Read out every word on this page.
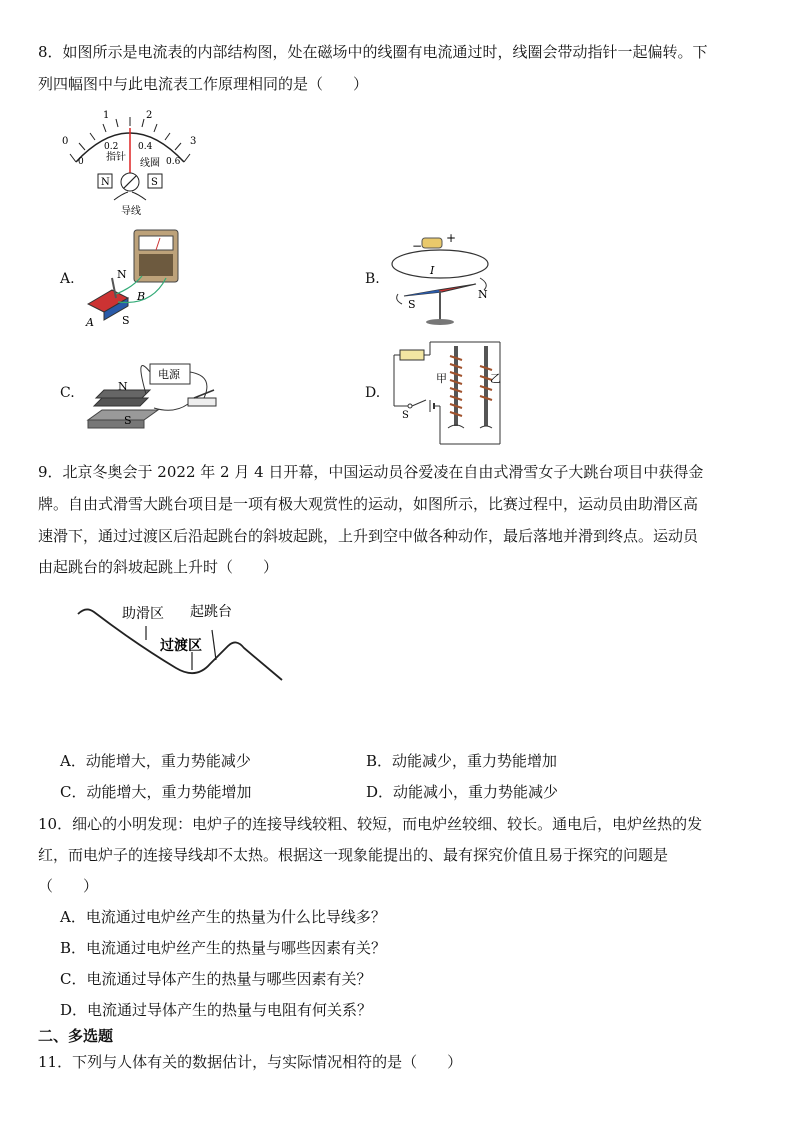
8．如图所示是电流表的内部结构图，处在磁场中的线圈有电流通过时，线圈会带动指针一起偏转。下
列四幅图中与此电流表工作原理相同的是（　　）
0
1	2
3
0
0.2 0.4
0.6
指针
线圈
N	S
导线
A.	N
S
B
A
B.
+
−
I
N
S
C.	N
S
电源
D.
S
甲	乙
9．北京冬奥会于 2022 年 2 月 4 日开幕，中国运动员谷爱凌在自由式滑雪女子大跳台项目中获得金
牌。自由式滑雪大跳台项目是一项有极大观赏性的运动，如图所示，比赛过程中，运动员由助滑区高
速滑下，通过过渡区后沿起跳台的斜坡起跳，上升到空中做各种动作，最后落地并滑到终点。运动员
由起跳台的斜坡起跳上升时（　　）
助滑区 起跳台
过渡区
A．动能增大，重力势能减少	B．动能减少，重力势能增加
C．动能增大，重力势能增加	D．动能减小，重力势能减少
10．细心的小明发现：电炉子的连接导线较粗、较短，而电炉丝较细、较长。通电后，电炉丝热的发
红，而电炉子的连接导线却不太热。根据这一现象能提出的、最有探究价值且易于探究的问题是
（　　）
A．电流通过电炉丝产生的热量为什么比导线多？
B．电流通过电炉丝产生的热量与哪些因素有关？
C．电流通过导体产生的热量与哪些因素有关？
D．电流通过导体产生的热量与电阻有何关系？
二、多选题
11．下列与人体有关的数据估计，与实际情况相符的是（　　）
